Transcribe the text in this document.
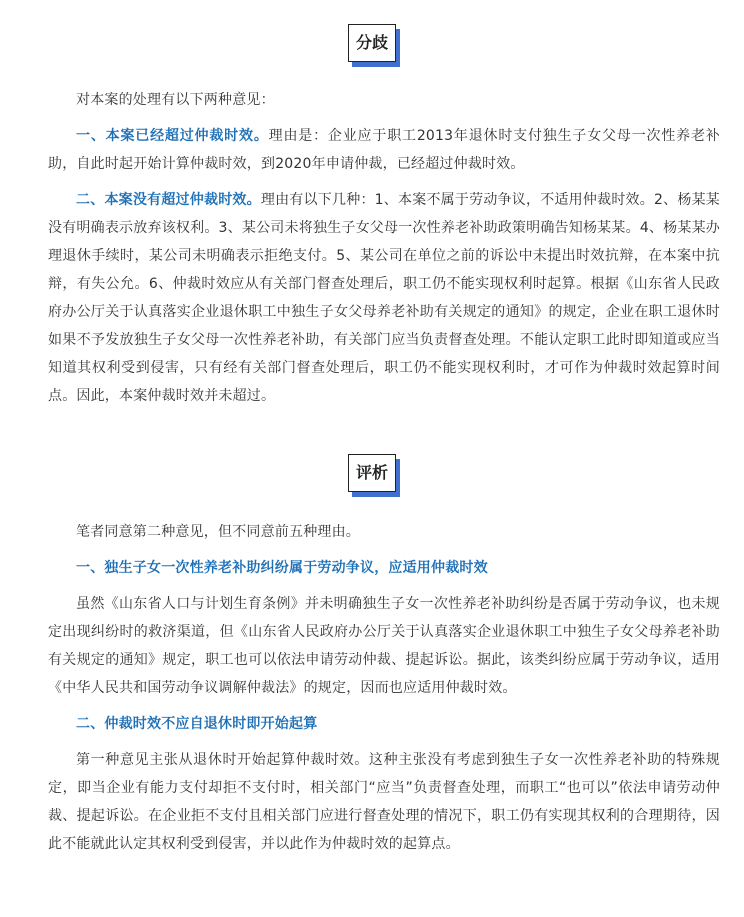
分歧

对本案的处理有以下两种意见：

一、本案已经超过仲裁时效。理由是：企业应于职工2013年退休时支付独生子女父母一次性养老补助，自此时起开始计算仲裁时效，到2020年申请仲裁，已经超过仲裁时效。

二、本案没有超过仲裁时效。理由有以下几种：1、本案不属于劳动争议，不适用仲裁时效。2、杨某某没有明确表示放弃该权利。3、某公司未将独生子女父母一次性养老补助政策明确告知杨某某。4、杨某某办理退休手续时，某公司未明确表示拒绝支付。5、某公司在单位之前的诉讼中未提出时效抗辩，在本案中抗辩，有失公允。6、仲裁时效应从有关部门督查处理后，职工仍不能实现权利时起算。根据《山东省人民政府办公厅关于认真落实企业退休职工中独生子女父母养老补助有关规定的通知》的规定，企业在职工退休时如果不予发放独生子女父母一次性养老补助，有关部门应当负责督查处理。不能认定职工此时即知道或应当知道其权利受到侵害，只有经有关部门督查处理后，职工仍不能实现权利时，才可作为仲裁时效起算时间点。因此，本案仲裁时效并未超过。

评析

笔者同意第二种意见，但不同意前五种理由。

一、独生子女一次性养老补助纠纷属于劳动争议，应适用仲裁时效

虽然《山东省人口与计划生育条例》并未明确独生子女一次性养老补助纠纷是否属于劳动争议，也未规定出现纠纷时的救济渠道，但《山东省人民政府办公厅关于认真落实企业退休职工中独生子女父母养老补助有关规定的通知》规定，职工也可以依法申请劳动仲裁、提起诉讼。据此，该类纠纷应属于劳动争议，适用《中华人民共和国劳动争议调解仲裁法》的规定，因而也应适用仲裁时效。

二、仲裁时效不应自退休时即开始起算

第一种意见主张从退休时开始起算仲裁时效。这种主张没有考虑到独生子女一次性养老补助的特殊规定，即当企业有能力支付却拒不支付时，相关部门“应当”负责督查处理，而职工“也可以”依法申请劳动仲裁、提起诉讼。在企业拒不支付且相关部门应进行督查处理的情况下，职工仍有实现其权利的合理期待，因此不能就此认定其权利受到侵害，并以此作为仲裁时效的起算点。
